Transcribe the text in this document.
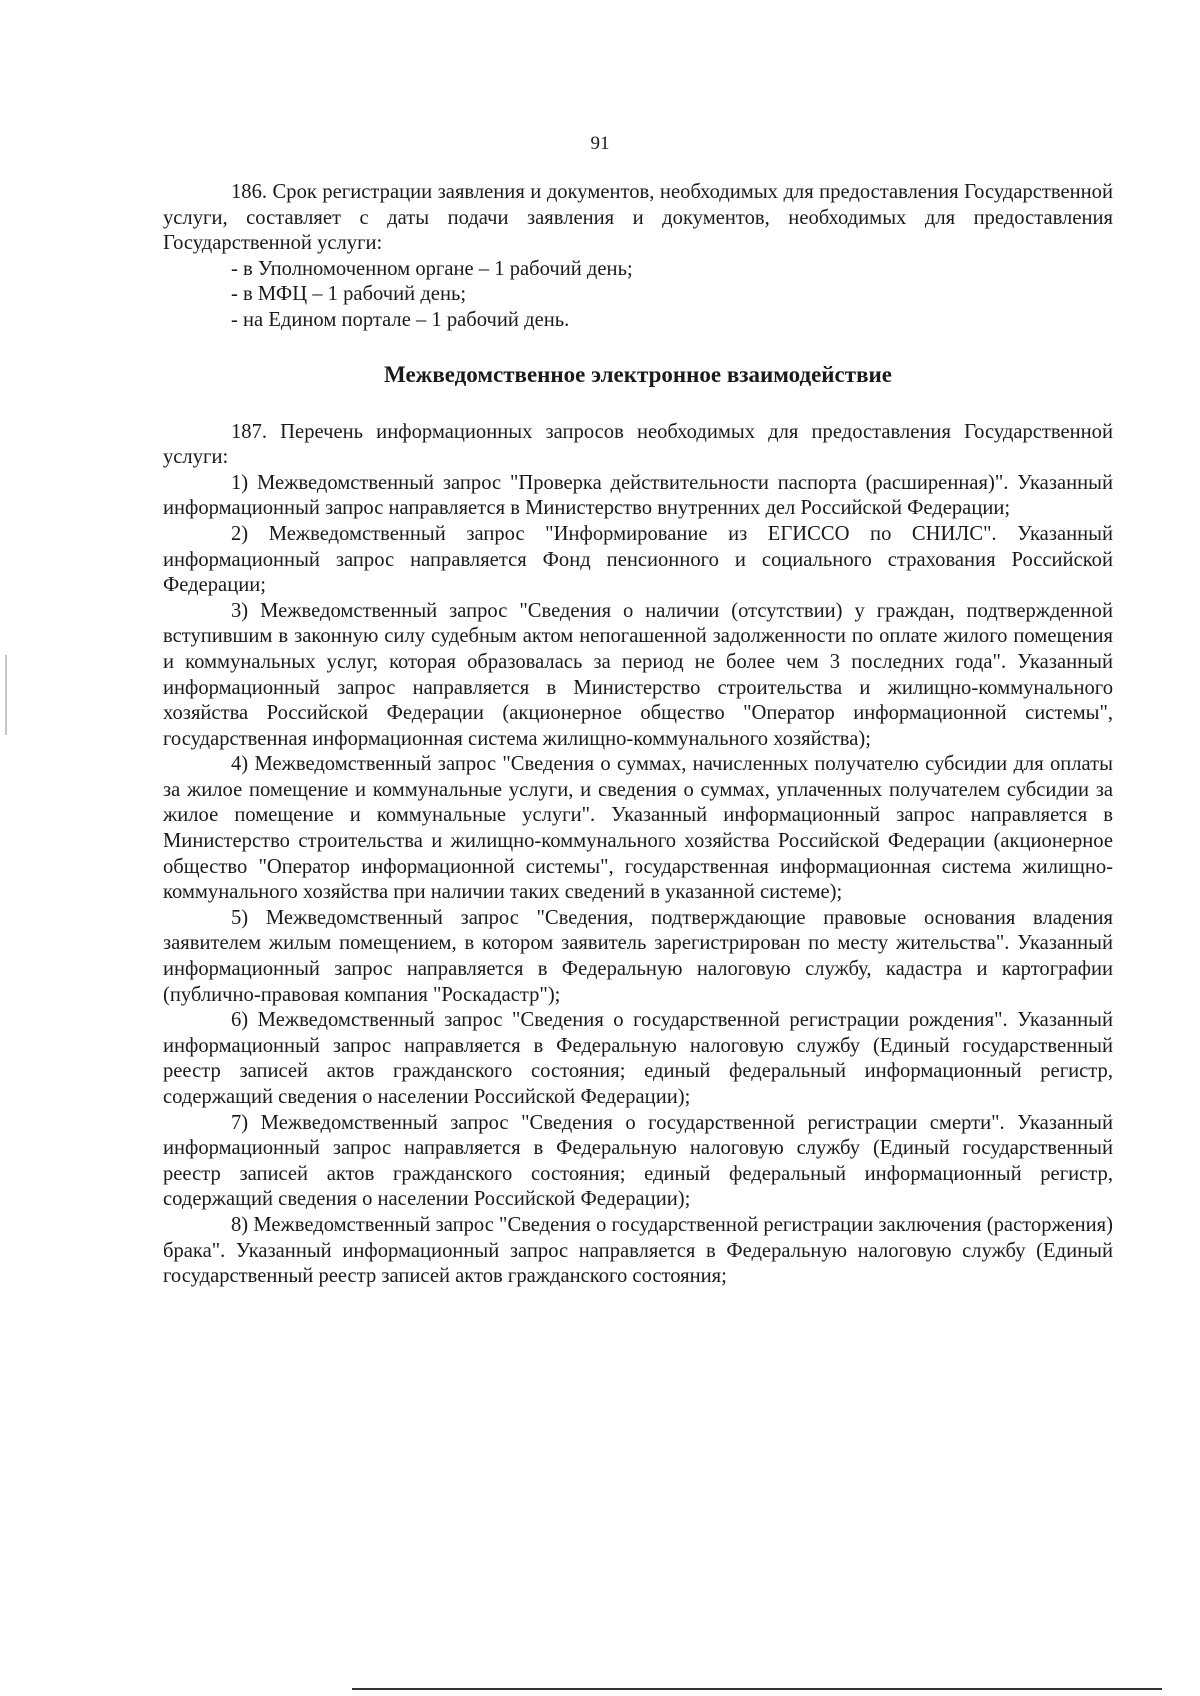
91

186. Срок регистрации заявления и документов, необходимых для предоставления Государственной услуги, составляет с даты подачи заявления и документов, необходимых для предоставления Государственной услуги:

- в Уполномоченном органе – 1 рабочий день;

- в МФЦ – 1 рабочий день;

- на Едином портале – 1 рабочий день.

Межведомственное электронное взаимодействие

187. Перечень информационных запросов необходимых для предоставления Государственной услуги:

1) Межведомственный запрос "Проверка действительности паспорта (расширенная)". Указанный информационный запрос направляется в Министерство внутренних дел Российской Федерации;

2) Межведомственный запрос "Информирование из ЕГИССО по СНИЛС". Указанный информационный запрос направляется Фонд пенсионного и социального страхования Российской Федерации;

3) Межведомственный запрос "Сведения о наличии (отсутствии) у граждан, подтвержденной вступившим в законную силу судебным актом непогашенной задолженности по оплате жилого помещения и коммунальных услуг, которая образовалась за период не более чем 3 последних года". Указанный информационный запрос направляется в Министерство строительства и жилищно-коммунального хозяйства Российской Федерации (акционерное общество "Оператор информационной системы", государственная информационная система жилищно-коммунального хозяйства);

4) Межведомственный запрос "Сведения о суммах, начисленных получателю субсидии для оплаты за жилое помещение и коммунальные услуги, и сведения о суммах, уплаченных получателем субсидии за жилое помещение и коммунальные услуги". Указанный информационный запрос направляется в Министерство строительства и жилищно-коммунального хозяйства Российской Федерации (акционерное общество "Оператор информационной системы", государственная информационная система жилищно-коммунального хозяйства при наличии таких сведений в указанной системе);

5) Межведомственный запрос "Сведения, подтверждающие правовые основания владения заявителем жилым помещением, в котором заявитель зарегистрирован по месту жительства". Указанный информационный запрос направляется в Федеральную налоговую службу, кадастра и картографии (публично-правовая компания "Роскадастр");

6) Межведомственный запрос "Сведения о государственной регистрации рождения". Указанный информационный запрос направляется в Федеральную налоговую службу (Единый государственный реестр записей актов гражданского состояния; единый федеральный информационный регистр, содержащий сведения о населении Российской Федерации);

7) Межведомственный запрос "Сведения о государственной регистрации смерти". Указанный информационный запрос направляется в Федеральную налоговую службу (Единый государственный реестр записей актов гражданского состояния; единый федеральный информационный регистр, содержащий сведения о населении Российской Федерации);

8) Межведомственный запрос "Сведения о государственной регистрации заключения (расторжения) брака". Указанный информационный запрос направляется в Федеральную налоговую службу (Единый государственный реестр записей актов гражданского состояния;
